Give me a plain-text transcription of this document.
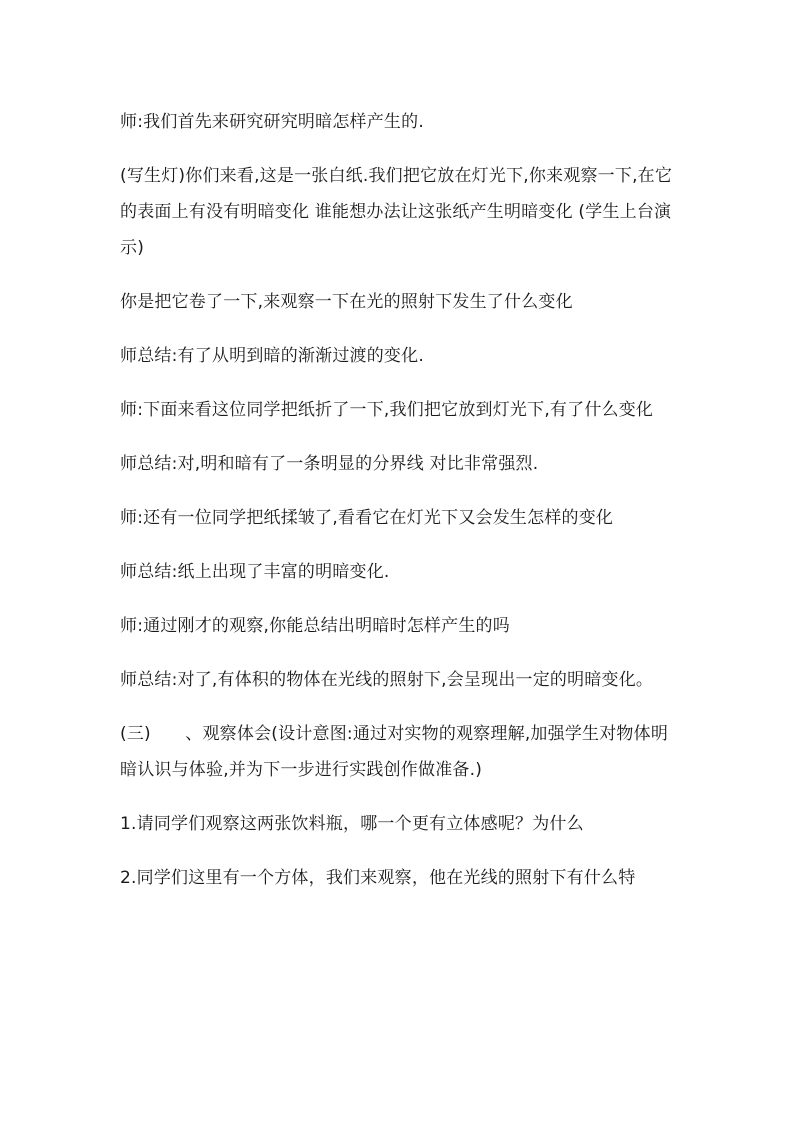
师:我们首先来研究研究明暗怎样产生的.

(写生灯)你们来看,这是一张白纸.我们把它放在灯光下,你来观察一下,在它的表面上有没有明暗变化 谁能想办法让这张纸产生明暗变化 (学生上台演示)

你是把它卷了一下,来观察一下在光的照射下发生了什么变化

师总结:有了从明到暗的渐渐过渡的变化.

师:下面来看这位同学把纸折了一下,我们把它放到灯光下,有了什么变化

师总结:对,明和暗有了一条明显的分界线 对比非常强烈.

师:还有一位同学把纸揉皱了,看看它在灯光下又会发生怎样的变化

师总结:纸上出现了丰富的明暗变化.

师:通过刚才的观察,你能总结出明暗时怎样产生的吗

师总结:对了,有体积的物体在光线的照射下,会呈现出一定的明暗变化。

(三)　　、观察体会(设计意图:通过对实物的观察理解,加强学生对物体明暗认识与体验,并为下一步进行实践创作做准备.)

1.请同学们观察这两张饮料瓶，哪一个更有立体感呢？为什么

2.同学们这里有一个方体，我们来观察，他在光线的照射下有什么特
